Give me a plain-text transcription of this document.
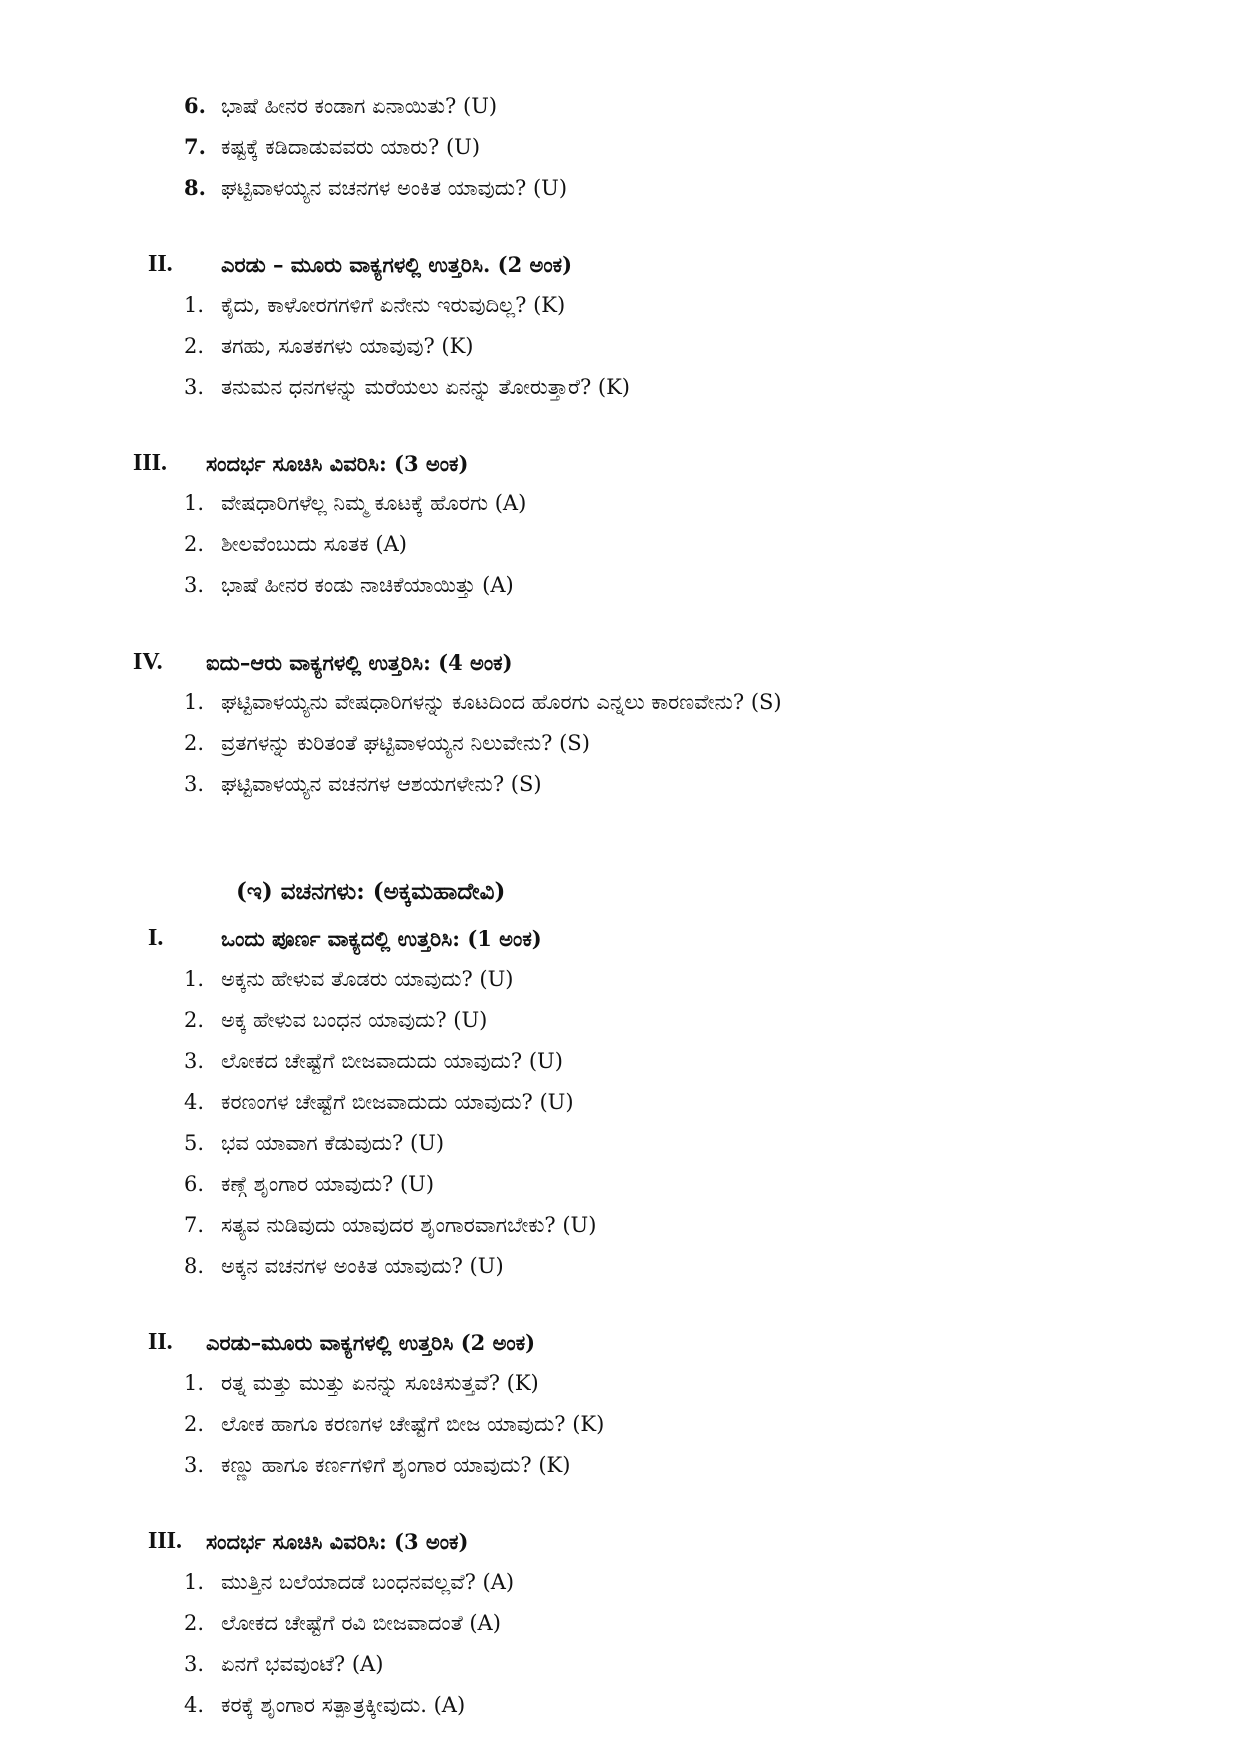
6. ಭಾಷೆ ಹೀನರ ಕಂಡಾಗ ಏನಾಯಿತು? (U)
7. ಕಷ್ಟಕ್ಕೆ ಕಡಿದಾಡುವವರು ಯಾರು? (U)
8. ಘಟ್ಟಿವಾಳಯ್ಯನ ವಚನಗಳ ಅಂಕಿತ ಯಾವುದು? (U)
II. ಎರಡು – ಮೂರು ವಾಕ್ಯಗಳಲ್ಲಿ ಉತ್ತರಿಸಿ. (2 ಅಂಕ)
1. ಕೈದು, ಕಾಳೋರಗಗಳಿಗೆ ಏನೇನು ಇರುವುದಿಲ್ಲ? (K)
2. ತಗಹು, ಸೂತಕಗಳು ಯಾವುವು? (K)
3. ತನುಮನ ಧನಗಳನ್ನು ಮರೆಯಲು ಏನನ್ನು ತೋರುತ್ತಾರೆ? (K)
III. ಸಂದರ್ಭ ಸೂಚಿಸಿ ವಿವರಿಸಿ: (3 ಅಂಕ)
1. ವೇಷಧಾರಿಗಳೆಲ್ಲ ನಿಮ್ಮ ಕೂಟಕ್ಕೆ ಹೊರಗು (A)
2. ಶೀಲವೆಂಬುದು ಸೂತಕ (A)
3. ಭಾಷೆ ಹೀನರ ಕಂಡು ನಾಚಿಕೆಯಾಯಿತ್ತು (A)
IV. ಐದು–ಆರು ವಾಕ್ಯಗಳಲ್ಲಿ ಉತ್ತರಿಸಿ: (4 ಅಂಕ)
1. ಘಟ್ಟಿವಾಳಯ್ಯನು ವೇಷಧಾರಿಗಳನ್ನು ಕೂಟದಿಂದ ಹೊರಗು ಎನ್ನಲು ಕಾರಣವೇನು? (S)
2. ವ್ರತಗಳನ್ನು ಕುರಿತಂತೆ ಘಟ್ಟಿವಾಳಯ್ಯನ ನಿಲುವೇನು? (S)
3. ಘಟ್ಟಿವಾಳಯ್ಯನ ವಚನಗಳ ಆಶಯಗಳೇನು? (S)
(ಇ) ವಚನಗಳು: (ಅಕ್ಕಮಹಾದೇವಿ)
I.	ಒಂದು ಪೂರ್ಣ ವಾಕ್ಯದಲ್ಲಿ ಉತ್ತರಿಸಿ: (1 ಅಂಕ)
1. ಅಕ್ಕನು ಹೇಳುವ ತೊಡರು ಯಾವುದು? (U)
2. ಅಕ್ಕ ಹೇಳುವ ಬಂಧನ ಯಾವುದು? (U)
3. ಲೋಕದ ಚೇಷ್ಟೆಗೆ ಬೀಜವಾದುದು ಯಾವುದು? (U)
4. ಕರಣಂಗಳ ಚೇಷ್ಟೆಗೆ ಬೀಜವಾದುದು ಯಾವುದು? (U)
5. ಭವ ಯಾವಾಗ ಕೆಡುವುದು? (U)
6. ಕಣ್ಗೆ ಶೃಂಗಾರ ಯಾವುದು? (U)
7. ಸತ್ಯವ ನುಡಿವುದು ಯಾವುದರ ಶೃಂಗಾರವಾಗಬೇಕು? (U)
8. ಅಕ್ಕನ ವಚನಗಳ ಅಂಕಿತ ಯಾವುದು? (U)
II. ಎರಡು–ಮೂರು ವಾಕ್ಯಗಳಲ್ಲಿ ಉತ್ತರಿಸಿ (2 ಅಂಕ)
1. ರತ್ನ ಮತ್ತು ಮುತ್ತು ಏನನ್ನು ಸೂಚಿಸುತ್ತವೆ? (K)
2. ಲೋಕ ಹಾಗೂ ಕರಣಗಳ ಚೇಷ್ಟೆಗೆ ಬೀಜ ಯಾವುದು? (K)
3. ಕಣ್ಣು ಹಾಗೂ ಕರ್ಣಗಳಿಗೆ ಶೃಂಗಾರ ಯಾವುದು? (K)
III. ಸಂದರ್ಭ ಸೂಚಿಸಿ ವಿವರಿಸಿ: (3 ಅಂಕ)
1. ಮುತ್ತಿನ ಬಲೆಯಾದಡೆ ಬಂಧನವಲ್ಲವೆ? (A)
2. ಲೋಕದ ಚೇಷ್ಟೆಗೆ ರವಿ ಬೀಜವಾದಂತೆ (A)
3. ಏನಗೆ ಭವವುಂಟೆ? (A)
4. ಕರಕ್ಕೆ ಶೃಂಗಾರ ಸತ್ಪಾತ್ರಕ್ಕೀವುದು. (A)
